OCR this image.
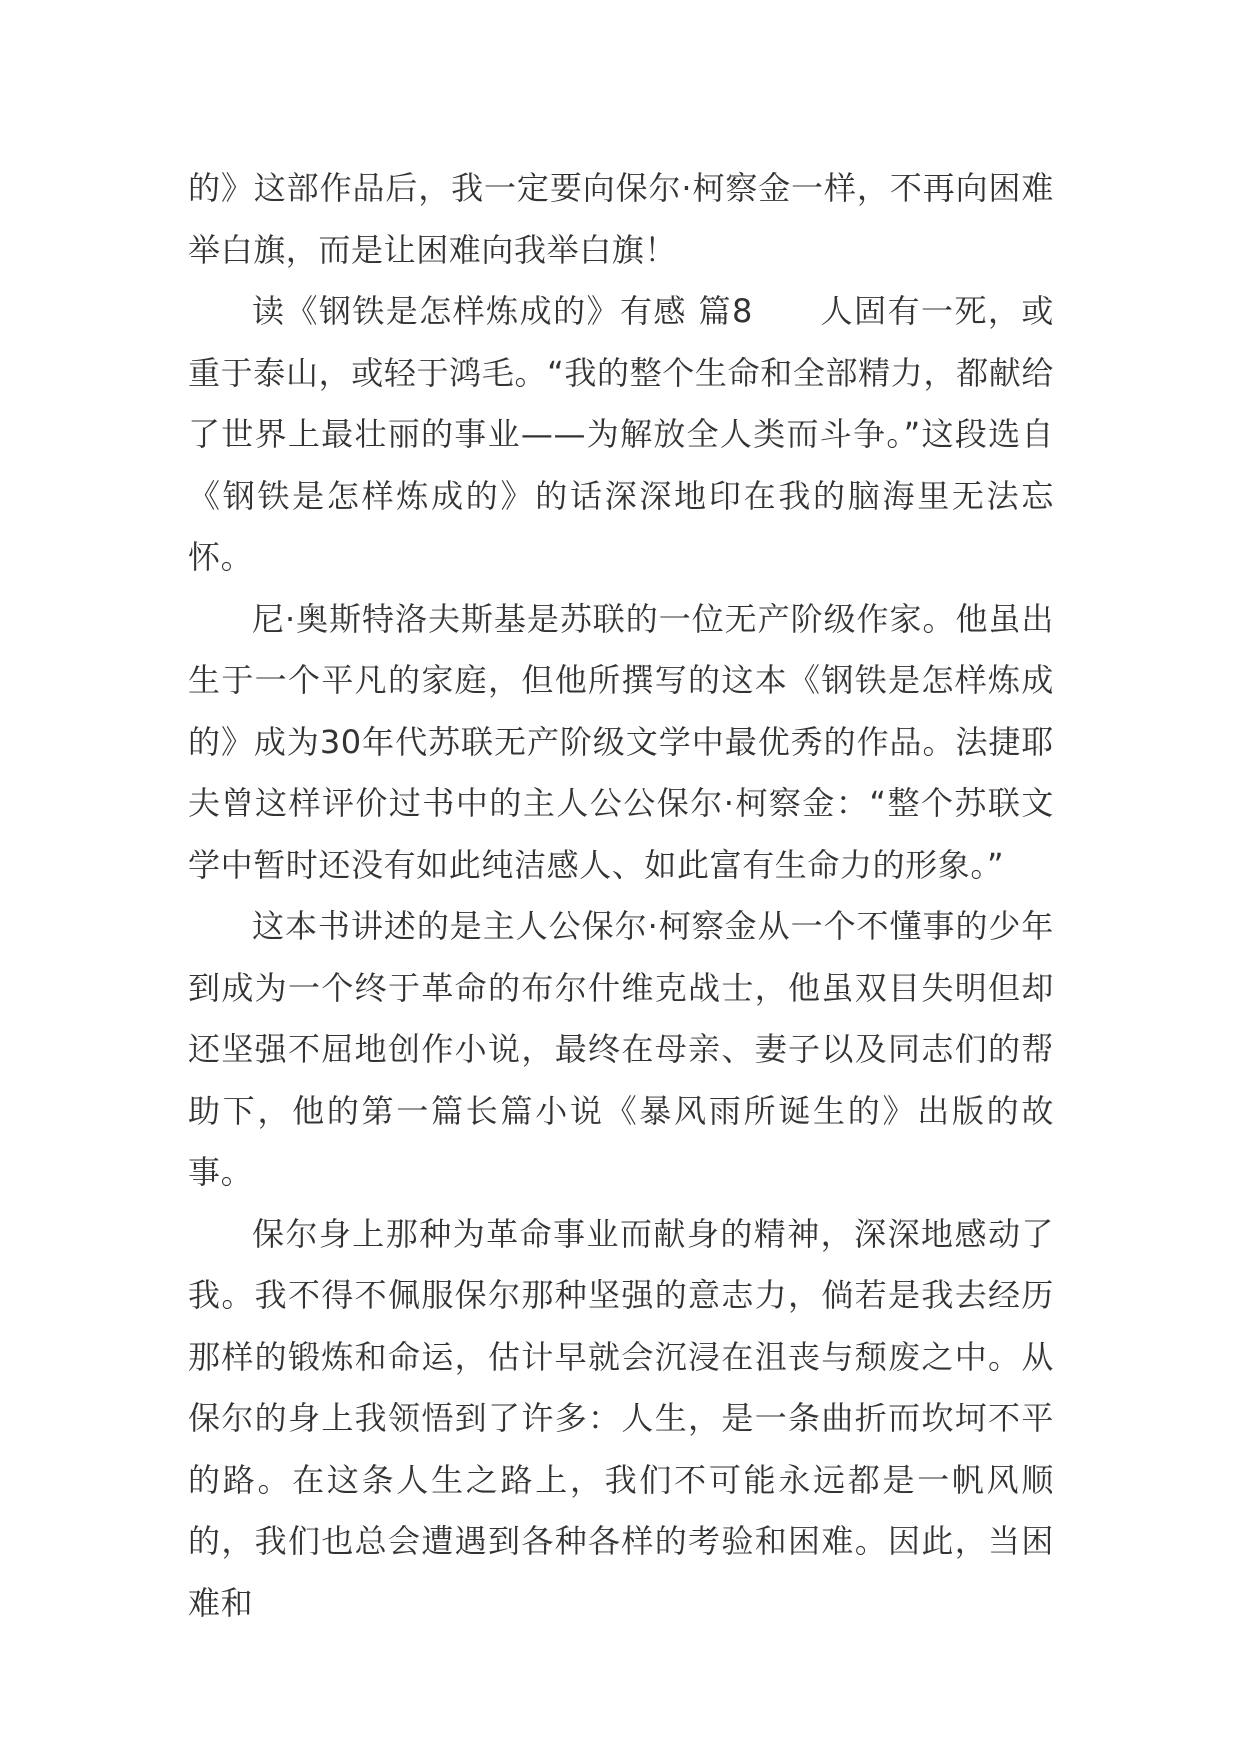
的》这部作品后，我一定要向保尔·柯察金一样，不再向困难举白旗，而是让困难向我举白旗！

读《钢铁是怎样炼成的》有感 篇8　　人固有一死，或重于泰山，或轻于鸿毛。“我的整个生命和全部精力，都献给了世界上最壮丽的事业——为解放全人类而斗争。”这段选自《钢铁是怎样炼成的》的话深深地印在我的脑海里无法忘怀。

尼·奥斯特洛夫斯基是苏联的一位无产阶级作家。他虽出生于一个平凡的家庭，但他所撰写的这本《钢铁是怎样炼成的》成为30年代苏联无产阶级文学中最优秀的作品。法捷耶夫曾这样评价过书中的主人公公保尔·柯察金：“整个苏联文学中暂时还没有如此纯洁感人、如此富有生命力的形象。”

这本书讲述的是主人公保尔·柯察金从一个不懂事的少年到成为一个终于革命的布尔什维克战士，他虽双目失明但却还坚强不屈地创作小说，最终在母亲、妻子以及同志们的帮助下，他的第一篇长篇小说《暴风雨所诞生的》出版的故事。

保尔身上那种为革命事业而献身的精神，深深地感动了我。我不得不佩服保尔那种坚强的意志力，倘若是我去经历那样的锻炼和命运，估计早就会沉浸在沮丧与颓废之中。从保尔的身上我领悟到了许多：人生，是一条曲折而坎坷不平的路。在这条人生之路上，我们不可能永远都是一帆风顺的，我们也总会遭遇到各种各样的考验和困难。因此，当困难和
